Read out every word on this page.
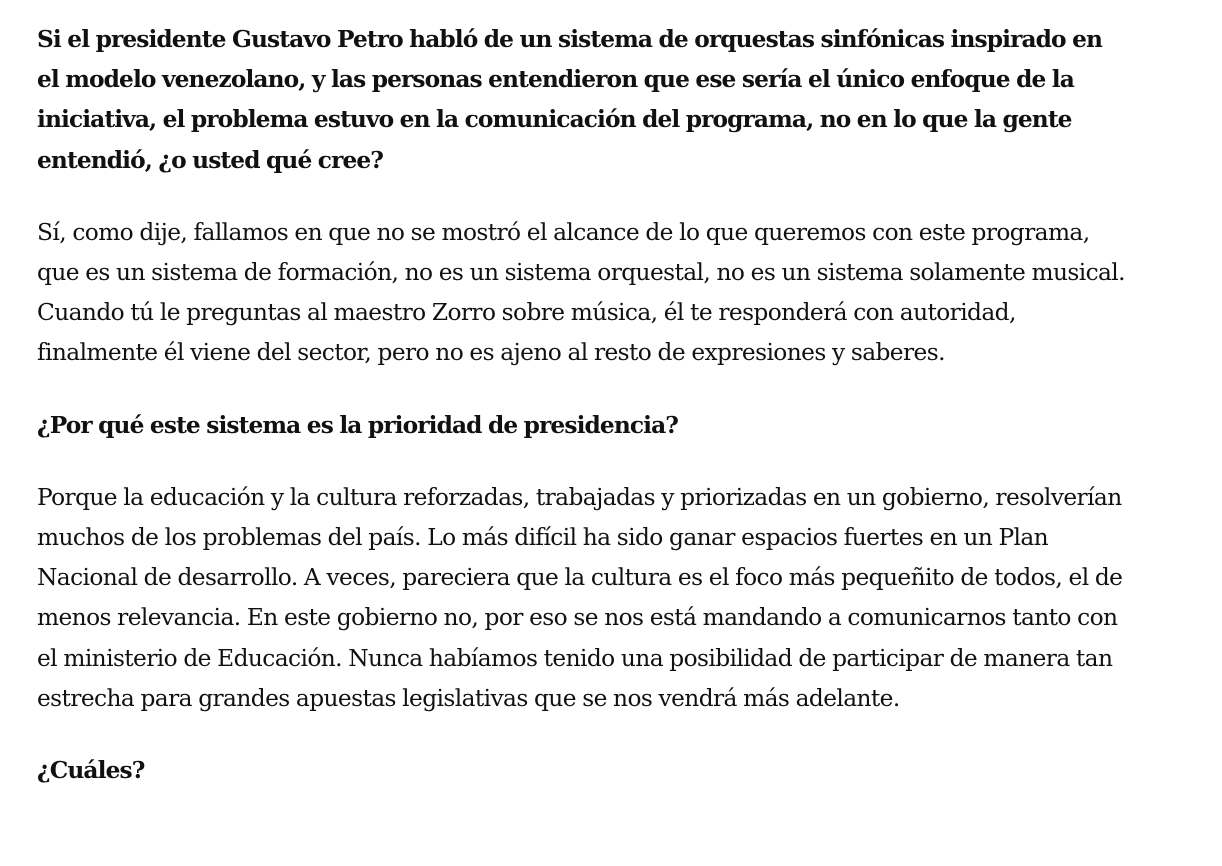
Si el presidente Gustavo Petro habló de un sistema de orquestas sinfónicas inspirado en el modelo venezolano, y las personas entendieron que ese sería el único enfoque de la iniciativa, el problema estuvo en la comunicación del programa, no en lo que la gente entendió, ¿o usted qué cree?

Sí, como dije, fallamos en que no se mostró el alcance de lo que queremos con este programa, que es un sistema de formación, no es un sistema orquestal, no es un sistema solamente musical. Cuando tú le preguntas al maestro Zorro sobre música, él te responderá con autoridad, finalmente él viene del sector, pero no es ajeno al resto de expresiones y saberes.

¿Por qué este sistema es la prioridad de presidencia?

Porque la educación y la cultura reforzadas, trabajadas y priorizadas en un gobierno, resolverían muchos de los problemas del país. Lo más difícil ha sido ganar espacios fuertes en un Plan Nacional de desarrollo. A veces, pareciera que la cultura es el foco más pequeñito de todos, el de menos relevancia. En este gobierno no, por eso se nos está mandando a comunicarnos tanto con el ministerio de Educación. Nunca habíamos tenido una posibilidad de participar de manera tan estrecha para grandes apuestas legislativas que se nos vendrá más adelante.

¿Cuáles?
